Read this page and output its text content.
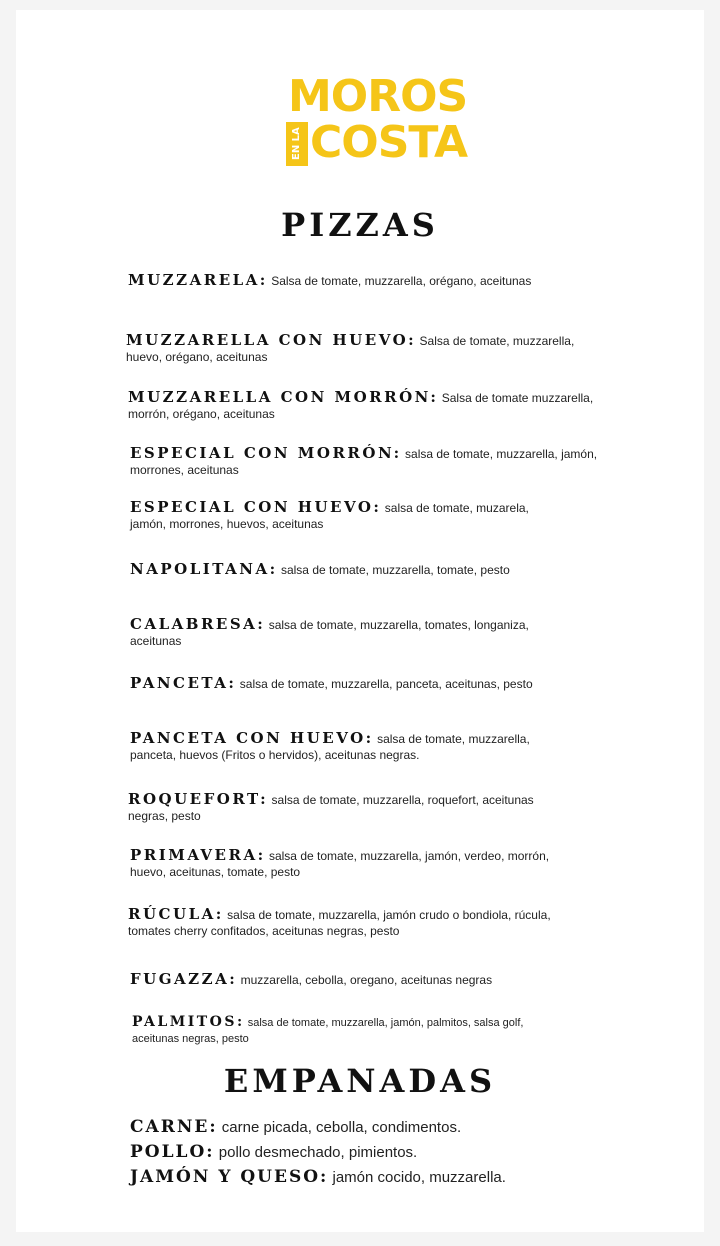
MOROS
EN LA COSTA
PIZZAS
MUZZARELA: Salsa de tomate, muzzarella, orégano, aceitunas
MUZZARELLA CON HUEVO: Salsa de tomate, muzzarella, huevo, orégano, aceitunas
MUZZARELLA CON MORRÓN: Salsa de tomate muzzarella, morrón, orégano, aceitunas
ESPECIAL CON MORRÓN: salsa de tomate, muzzarella, jamón, morrones, aceitunas
ESPECIAL CON HUEVO: salsa de tomate, muzarela, jamón, morrones, huevos, aceitunas
NAPOLITANA: salsa de tomate, muzzarella, tomate, pesto
CALABRESA: salsa de tomate, muzzarella, tomates, longaniza, aceitunas
PANCETA: salsa de tomate, muzzarella, panceta, aceitunas, pesto
PANCETA CON HUEVO: salsa de tomate, muzzarella, panceta, huevos (Fritos o hervidos), aceitunas negras.
ROQUEFORT: salsa de tomate, muzzarella, roquefort, aceitunas negras, pesto
PRIMAVERA: salsa de tomate, muzzarella, jamón, verdeo, morrón, huevo, aceitunas, tomate, pesto
RÚCULA: salsa de tomate, muzzarella, jamón crudo o bondiola, rúcula, tomates cherry confitados, aceitunas negras, pesto
FUGAZZA: muzzarella, cebolla, oregano, aceitunas negras
PALMITOS: salsa de tomate, muzzarella, jamón, palmitos, salsa golf, aceitunas negras, pesto
EMPANADAS
CARNE: carne picada, cebolla, condimentos.
POLLO: pollo desmechado, pimientos.
JAMÓN Y QUESO: jamón cocido, muzzarella.
